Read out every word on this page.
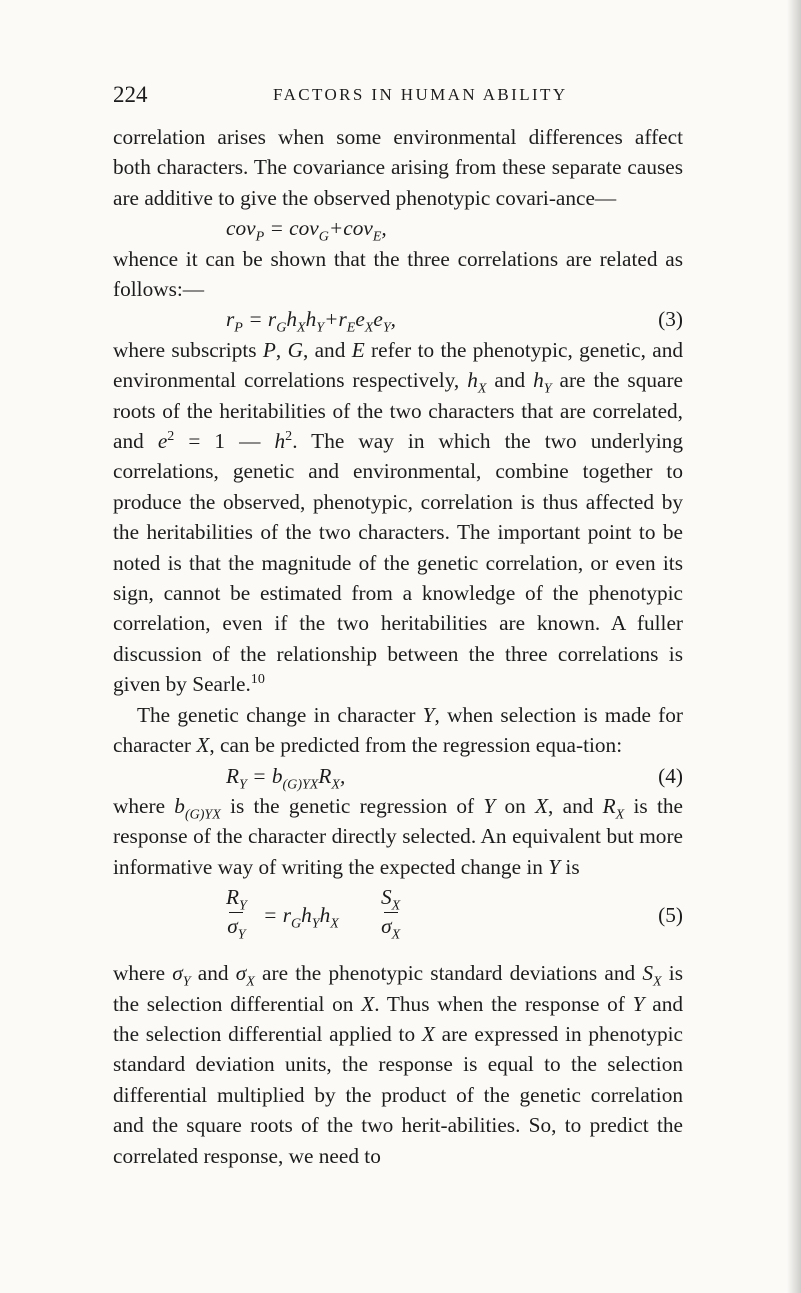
224	FACTORS IN HUMAN ABILITY

correlation arises when some environmental differences affect both characters. The covariance arising from these separate causes are additive to give the observed phenotypic covari-ance—

cov$_P$ = cov$_G$+cov$_E$,

whence it can be shown that the three correlations are related as follows:—

$r_P = r_Gh_Xh_Y+r_Ee_Xe_Y$,	(3)

where subscripts P, G, and E refer to the phenotypic, genetic, and environmental correlations respectively, $h_X$ and $h_Y$ are the square roots of the heritabilities of the two characters that are correlated, and $e^2 = 1$ — $h^2$. The way in which the two underlying correlations, genetic and environmental, combine together to produce the observed, phenotypic, correlation is thus affected by the heritabilities of the two characters. The important point to be noted is that the magnitude of the genetic correlation, or even its sign, cannot be estimated from a knowledge of the phenotypic correlation, even if the two heritabilities are known. A fuller discussion of the relationship between the three correlations is given by Searle.$^{10}$

The genetic change in character Y, when selection is made for character X, can be predicted from the regression equa-tion:

$R_Y = b_{(G)YX}R_X$,	(4)

where $b_{(G)YX}$ is the genetic regression of Y on X, and $R_X$ is the response of the character directly selected. An equivalent but more informative way of writing the expected change in Y is

$R_Y$
$\sigma_Y$
= $r_Gh_Yh_X$
$S_X$
$\sigma_X$
(5)

where $\sigma_Y$ and $\sigma_X$ are the phenotypic standard deviations and $S_X$ is the selection differential on X. Thus when the response of Y and the selection differential applied to X are expressed in phenotypic standard deviation units, the response is equal to the selection differential multiplied by the product of the genetic correlation and the square roots of the two herit-abilities. So, to predict the correlated response, we need to
